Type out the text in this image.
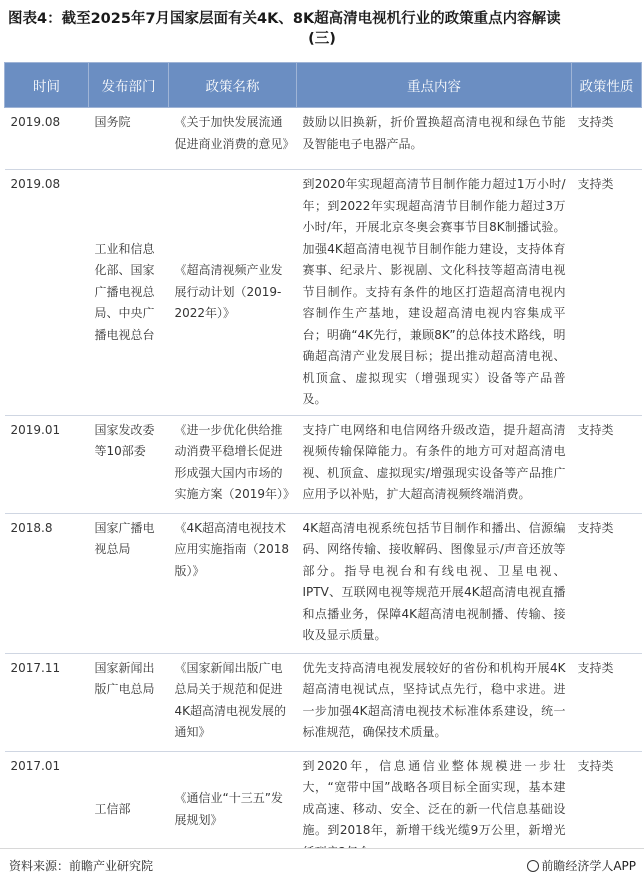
图表4：截至2025年7月国家层面有关4K、8K超高清电视机行业的政策重点内容解读
(三)
时间	发布部门	政策名称	重点内容	政策性质
2019.08	国务院	《关于加快发展流通促进商业消费的意见》	鼓励以旧换新，折价置换超高清电视和绿色节能及智能电子电器产品。	支持类
2019.08	工业和信息化部、国家广播电视总局、中央广播电视总台	《超高清视频产业发展行动计划（2019-2022年）》	到2020年实现超高清节目制作能力超过1万小时/年；到2022年实现超高清节目制作能力超过3万小时/年，开展北京冬奥会赛事节目8K制播试验。加强4K超高清电视节目制作能力建设，支持体育赛事、纪录片、影视剧、文化科技等超高清电视节目制作。支持有条件的地区打造超高清电视内容制作生产基地，建设超高清电视内容集成平台；明确“4K先行，兼顾8K”的总体技术路线，明确超高清产业发展目标；提出推动超高清电视、机顶盒、虚拟现实（增强现实）设备等产品普及。	支持类
2019.01	国家发改委等10部委	《进一步优化供给推动消费平稳增长促进形成强大国内市场的实施方案（2019年）》	支持广电网络和电信网络升级改造，提升超高清视频传输保障能力。有条件的地方可对超高清电视、机顶盒、虚拟现实/增强现实设备等产品推广应用予以补贴，扩大超高清视频终端消费。	支持类
2018.8	国家广播电视总局	《4K超高清电视技术应用实施指南（2018版）》	4K超高清电视系统包括节目制作和播出、信源编码、网络传输、接收解码、图像显示/声音还放等部分。指导电视台和有线电视、卫星电视、IPTV、互联网电视等规范开展4K超高清电视直播和点播业务，保障4K超高清电视制播、传输、接收及显示质量。	支持类
2017.11	国家新闻出版广电总局	《国家新闻出版广电总局关于规范和促进4K超高清电视发展的通知》	优先支持高清电视发展较好的省份和机构开展4K超高清电视试点，坚持试点先行，稳中求进。进一步加强4K超高清电视技术标准体系建设，统一标准规范，确保技术质量。	支持类
2017.01	工信部	《通信业“十三五”发展规划》	到2020年，信息通信业整体规模进一步壮大，“宽带中国”战略各项目标全面实现，基本建成高速、移动、安全、泛在的新一代信息基础设施。到2018年，新增干线光缆9万公里，新增光	支持类
资料来源：前瞻产业研究院	前瞻经济学人APP
